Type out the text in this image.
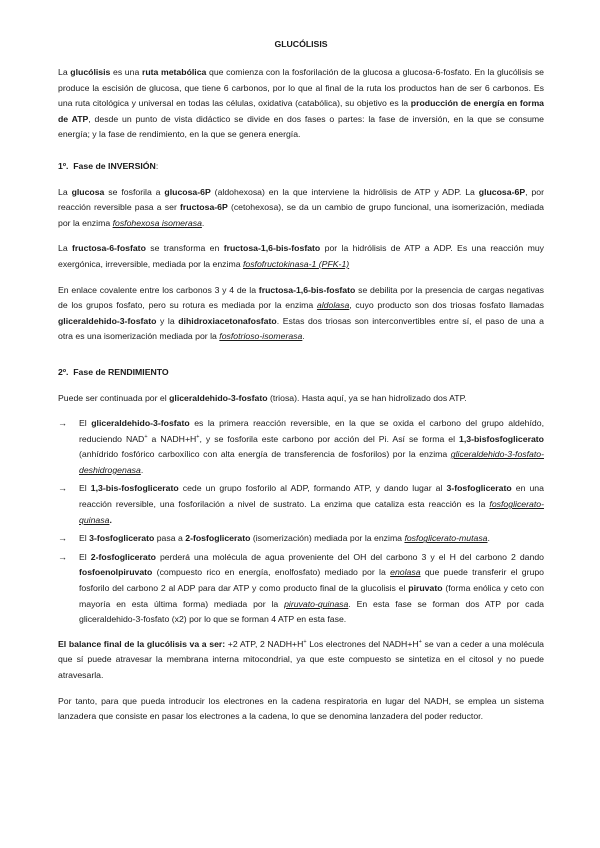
GLUCÓLISIS

La glucólisis es una ruta metabólica que comienza con la fosforilación de la glucosa a glucosa-6-fosfato. En la glucólisis se produce la escisión de glucosa, que tiene 6 carbonos, por lo que al final de la ruta los productos han de ser 6 carbonos. Es una ruta citológica y universal en todas las células, oxidativa (catabólica), su objetivo es la producción de energía en forma de ATP, desde un punto de vista didáctico se divide en dos fases o partes: la fase de inversión, en la que se consume energía; y la fase de rendimiento, en la que se genera energía.

1º. Fase de INVERSIÓN:

La glucosa se fosforila a glucosa-6P (aldohexosa) en la que interviene la hidrólisis de ATP y ADP. La glucosa-6P, por reacción reversible pasa a ser fructosa-6P (cetohexosa), se da un cambio de grupo funcional, una isomerización, mediada por la enzima fosfohexosa isomerasa.

La fructosa-6-fosfato se transforma en fructosa-1,6-bis-fosfato por la hidrólisis de ATP a ADP. Es una reacción muy exergónica, irreversible, mediada por la enzima fosfofructokinasa-1 (PFK-1)

En enlace covalente entre los carbonos 3 y 4 de la fructosa-1,6-bis-fosfato se debilita por la presencia de cargas negativas de los grupos fosfato, pero su rotura es mediada por la enzima aldolasa, cuyo producto son dos triosas fosfato llamadas gliceraldehido-3-fosfato y la dihidroxiacetonafosfato. Estas dos triosas son interconvertibles entre sí, el paso de una a otra es una isomerización mediada por la fosfotrioso-isomerasa.

2º. Fase de RENDIMIENTO

Puede ser continuada por el gliceraldehido-3-fosfato (triosa). Hasta aquí, ya se han hidrolizado dos ATP.

→ El gliceraldehido-3-fosfato es la primera reacción reversible, en la que se oxida el carbono del grupo aldehído, reduciendo NAD+ a NADH+H+, y se fosforila este carbono por acción del Pi. Así se forma el 1,3-bisfosfoglicerato (anhídrido fosfórico carboxílico con alta energía de transferencia de fosforilos) por la enzima gliceraldehido-3-fosfato-deshidrogenasa.
→ El 1,3-bis-fosfoglicerato cede un grupo fosforilo al ADP, formando ATP, y dando lugar al 3-fosfoglicerato en una reacción reversible, una fosforilación a nivel de sustrato. La enzima que cataliza esta reacción es la fosfoglicerato-quinasa.
→ El 3-fosfoglicerato pasa a 2-fosfoglicerato (isomerización) mediada por la enzima fosfoglicerato-mutasa.
→ El 2-fosfoglicerato perderá una molécula de agua proveniente del OH del carbono 3 y el H del carbono 2 dando fosfoenolpiruvato (compuesto rico en energía, enolfosfato) mediado por la enolasa que puede transferir el grupo fosforilo del carbono 2 al ADP para dar ATP y como producto final de la glucolisis el piruvato (forma enólica y ceto con mayoría en esta última forma) mediada por la piruvato-quinasa. En esta fase se forman dos ATP por cada gliceraldehido-3-fosfato (x2) por lo que se forman 4 ATP en esta fase.

El balance final de la glucólisis va a ser: +2 ATP, 2 NADH+H+ Los electrones del NADH+H+ se van a ceder a una molécula que sí puede atravesar la membrana interna mitocondrial, ya que este compuesto se sintetiza en el citosol y no puede atravesarla.

Por tanto, para que pueda introducir los electrones en la cadena respiratoria en lugar del NADH, se emplea un sistema lanzadera que consiste en pasar los electrones a la cadena, lo que se denomina lanzadera del poder reductor.
